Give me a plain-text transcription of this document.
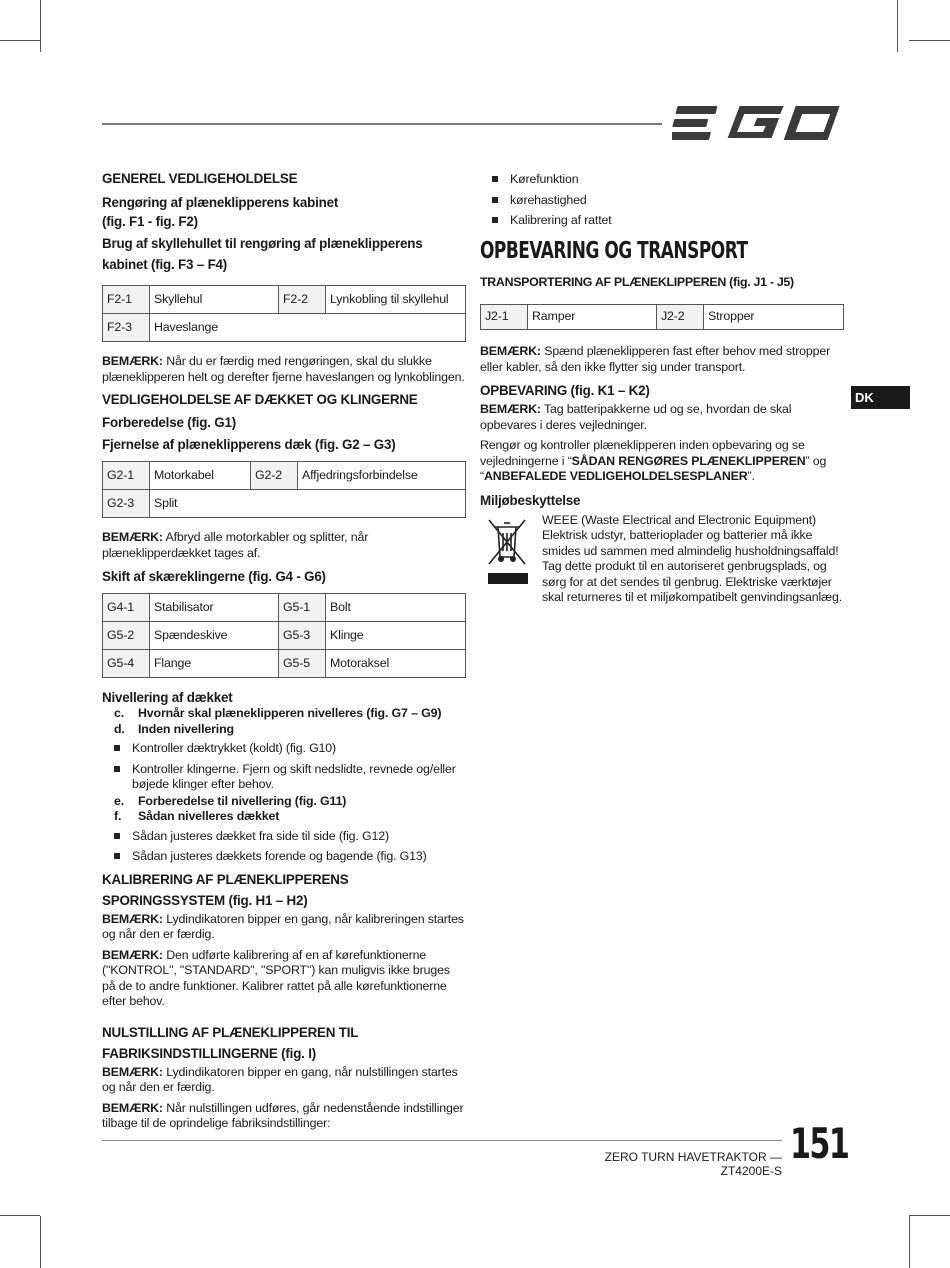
DK

GENEREL VEDLIGEHOLDELSE

Rengøring af plæneklipperens kabinet (fig. F1 - fig. F2)

Brug af skyllehullet til rengøring af plæneklipperens kabinet (fig. F3 – F4)

F2-1	Skyllehul	F2-2	Lynkobling til skyllehul
F2-3	Haveslange		

BEMÆRK: Når du er færdig med rengøringen, skal du slukke plæneklipperen helt og derefter fjerne haveslangen og lynkoblingen.

VEDLIGEHOLDELSE AF DÆKKET OG KLINGERNE

Forberedelse (fig. G1)

Fjernelse af plæneklipperens dæk (fig. G2 – G3)

G2-1	Motorkabel	G2-2	Affjedringsforbindelse
G2-3	Split		

BEMÆRK: Afbryd alle motorkabler og splitter, når plæneklipperdækket tages af.

Skift af skæreklingerne (fig. G4 - G6)

G4-1	Stabilisator	G5-1	Bolt
G5-2	Spændeskive	G5-3	Klinge
G5-4	Flange	G5-5	Motoraksel

Nivellering af dækket

c.	Hvornår skal plæneklipperen nivelleres (fig. G7 – G9)

d.	Inden nivellering

Kontroller dæktrykket (koldt) (fig. G10)

Kontroller klingerne. Fjern og skift nedslidte, revnede og/eller bøjede klinger efter behov.

e.	Forberedelse til nivellering (fig. G11)

f.	Sådan nivelleres dækket

Sådan justeres dækket fra side til side (fig. G12)

Sådan justeres dækkets forende og bagende (fig. G13)

KALIBRERING AF PLÆNEKLIPPERENS SPORINGSSYSTEM (fig. H1 – H2)

BEMÆRK: Lydindikatoren bipper en gang, når kalibreringen startes og når den er færdig.

BEMÆRK: Den udførte kalibrering af en af kørefunktionerne ("KONTROL", "STANDARD", "SPORT") kan muligvis ikke bruges på de to andre funktioner. Kalibrer rattet på alle kørefunktionerne efter behov.

NULSTILLING AF PLÆNEKLIPPEREN TIL FABRIKSINDSTILLINGERNE (fig. I)

BEMÆRK: Lydindikatoren bipper en gang, når nulstillingen startes og når den er færdig.

BEMÆRK: Når nulstillingen udføres, går nedenstående indstillinger tilbage til de oprindelige fabriksindstillinger:

Kørefunktion

kørehastighed

Kalibrering af rattet

OPBEVARING OG TRANSPORT

TRANSPORTERING AF PLÆNEKLIPPEREN (fig. J1 - J5)

J2-1	Ramper	J2-2	Stropper

BEMÆRK: Spænd plæneklipperen fast efter behov med stropper eller kabler, så den ikke flytter sig under transport.

OPBEVARING (fig. K1 – K2)

BEMÆRK: Tag batteripakkerne ud og se, hvordan de skal opbevares i deres vejledninger.

Rengør og kontroller plæneklipperen inden opbevaring og se vejledningerne i “SÅDAN RENGØRES PLÆNEKLIPPEREN” og “ANBEFALEDE VEDLIGEHOLDELSESPLANER”.

Miljøbeskyttelse

WEEE (Waste Electrical and Electronic Equipment) Elektrisk udstyr, batterioplader og batterier må ikke smides ud sammen med almindelig husholdningsaffald! Tag dette produkt til en autoriseret genbrugsplads, og sørg for at det sendes til genbrug. Elektriske værktøjer skal returneres til et miljøkompatibelt genvindingsanlæg.

ZERO TURN HAVETRAKTOR — ZT4200E-S
151
